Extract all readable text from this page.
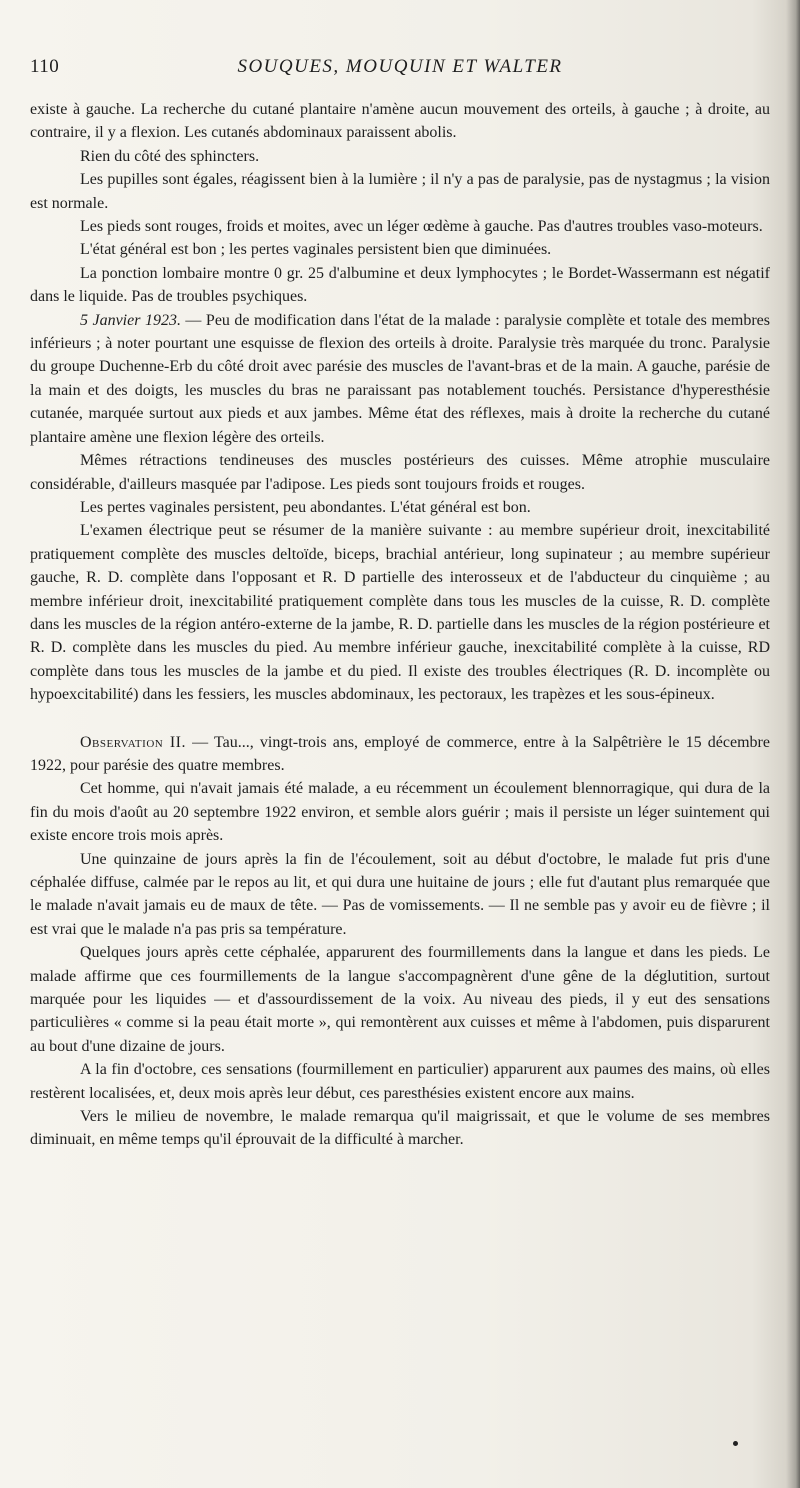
110	SOUQUES, MOUQUIN ET WALTER

existe à gauche. La recherche du cutané plantaire n'amène aucun mouvement des orteils, à gauche ; à droite, au contraire, il y a flexion. Les cutanés abdominaux paraissent abolis.

Rien du côté des sphincters.

Les pupilles sont égales, réagissent bien à la lumière ; il n'y a pas de paralysie, pas de nystagmus ; la vision est normale.

Les pieds sont rouges, froids et moites, avec un léger œdème à gauche. Pas d'autres troubles vaso-moteurs.

L'état général est bon ; les pertes vaginales persistent bien que diminuées.

La ponction lombaire montre 0 gr. 25 d'albumine et deux lymphocytes ; le Bordet-Wassermann est négatif dans le liquide. Pas de troubles psychiques.

5 Janvier 1923. — Peu de modification dans l'état de la malade : paralysie complète et totale des membres inférieurs ; à noter pourtant une esquisse de flexion des orteils à droite. Paralysie très marquée du tronc. Paralysie du groupe Duchenne-Erb du côté droit avec parésie des muscles de l'avant-bras et de la main. A gauche, parésie de la main et des doigts, les muscles du bras ne paraissant pas notablement touchés. Persistance d'hyperesthésie cutanée, marquée surtout aux pieds et aux jambes. Même état des réflexes, mais à droite la recherche du cutané plantaire amène une flexion légère des orteils.

Mêmes rétractions tendineuses des muscles postérieurs des cuisses. Même atrophie musculaire considérable, d'ailleurs masquée par l'adipose. Les pieds sont toujours froids et rouges.

Les pertes vaginales persistent, peu abondantes. L'état général est bon.

L'examen électrique peut se résumer de la manière suivante : au membre supérieur droit, inexcitabilité pratiquement complète des muscles deltoïde, biceps, brachial antérieur, long supinateur ; au membre supérieur gauche, R. D. complète dans l'opposant et R. D partielle des interosseux et de l'abducteur du cinquième ; au membre inférieur droit, inexcitabilité pratiquement complète dans tous les muscles de la cuisse, R. D. complète dans les muscles de la région antéro-externe de la jambe, R. D. partielle dans les muscles de la région postérieure et R. D. complète dans les muscles du pied. Au membre inférieur gauche, inexcitabilité complète à la cuisse, RD complète dans tous les muscles de la jambe et du pied. Il existe des troubles électriques (R. D. incomplète ou hypoexcitabilité) dans les fessiers, les muscles abdominaux, les pectoraux, les trapèzes et les sous-épineux.

Observation II. — Tau..., vingt-trois ans, employé de commerce, entre à la Salpêtrière le 15 décembre 1922, pour parésie des quatre membres.

Cet homme, qui n'avait jamais été malade, a eu récemment un écoulement blennorragique, qui dura de la fin du mois d'août au 20 septembre 1922 environ, et semble alors guérir ; mais il persiste un léger suintement qui existe encore trois mois après.

Une quinzaine de jours après la fin de l'écoulement, soit au début d'octobre, le malade fut pris d'une céphalée diffuse, calmée par le repos au lit, et qui dura une huitaine de jours ; elle fut d'autant plus remarquée que le malade n'avait jamais eu de maux de tête. — Pas de vomissements. — Il ne semble pas y avoir eu de fièvre ; il est vrai que le malade n'a pas pris sa température.

Quelques jours après cette céphalée, apparurent des fourmillements dans la langue et dans les pieds. Le malade affirme que ces fourmillements de la langue s'accompagnèrent d'une gêne de la déglutition, surtout marquée pour les liquides — et d'assourdissement de la voix. Au niveau des pieds, il y eut des sensations particulières « comme si la peau était morte », qui remontèrent aux cuisses et même à l'abdomen, puis disparurent au bout d'une dizaine de jours.

A la fin d'octobre, ces sensations (fourmillement en particulier) apparurent aux paumes des mains, où elles restèrent localisées, et, deux mois après leur début, ces paresthésies existent encore aux mains.

Vers le milieu de novembre, le malade remarqua qu'il maigrissait, et que le volume de ses membres diminuait, en même temps qu'il éprouvait de la difficulté à marcher.
